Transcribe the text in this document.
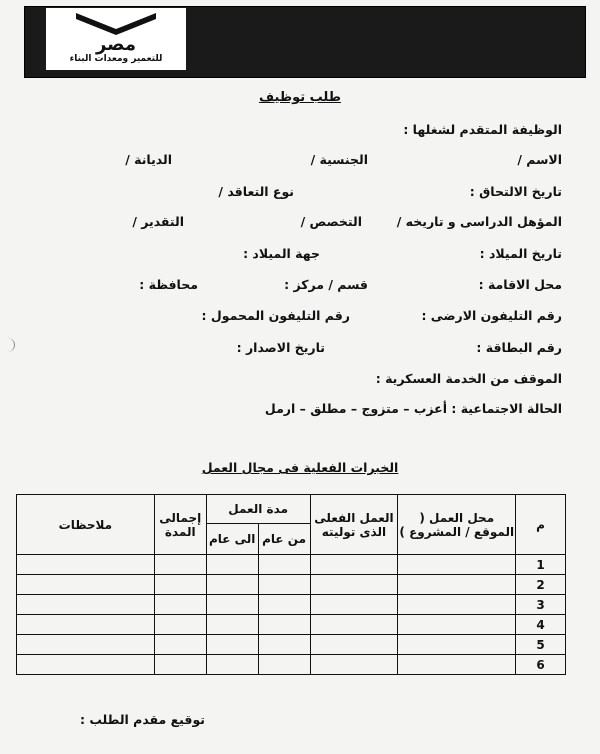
مصر
للتعمير ومعدات البناء
طلب توظيف
الوظيفة المتقدم لشغلها :
الاسم /
الجنسية /
الديانة /
تاريخ الالتحاق :
نوع التعاقد /
المؤهل الدراسى و تاريخه /
التخصص /
التقدير /
تاريخ الميلاد :
جهة الميلاد :
محل الاقامة :
قسم / مركز :
محافظة :
رقم التليفون الارضى :
رقم التليفون المحمول :
رقم البطاقة :
تاريخ الاصدار :
الموقف من الخدمة العسكرية :
الحالة الاجتماعية : أعزب – متزوج – مطلق – ارمل
الخبرات الفعلية فى مجال العمل
م	محل العمل ( الموقع / المشروع )	العمل الفعلى الذى توليته	مدة العمل		إجمالى المدة	ملاحظات
			من عام	الى عام		
1						
2						
3						
4						
5						
6						
توقيع مقدم الطلب :
